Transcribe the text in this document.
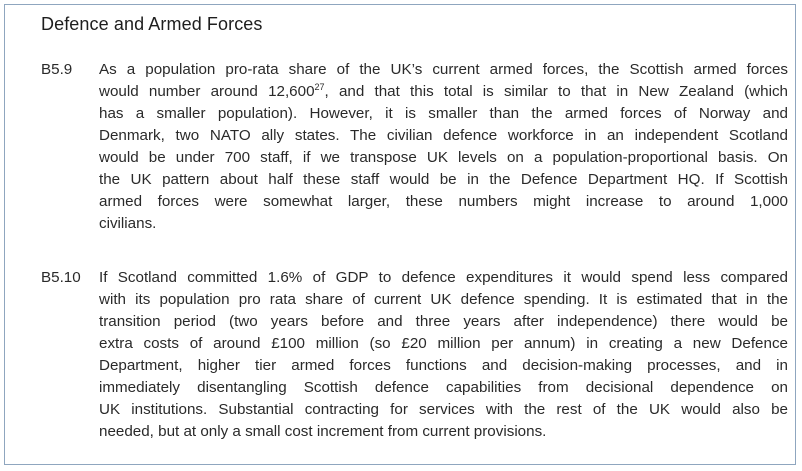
Defence and Armed Forces
B5.9 As a population pro-rata share of the UK’s current armed forces, the Scottish armed forces
would number around 12,600$^{27}$, and that this total is similar to that in New Zealand (which
has a smaller population). However, it is smaller than the armed forces of Norway and
Denmark, two NATO ally states. The civilian defence workforce in an independent Scotland
would be under 700 staff, if we transpose UK levels on a population-proportional basis. On
the UK pattern about half these staff would be in the Defence Department HQ. If Scottish
armed forces were somewhat larger, these numbers might increase to around 1,000
civilians.
B5.10 If Scotland committed 1.6% of GDP to defence expenditures it would spend less compared
with its population pro rata share of current UK defence spending. It is estimated that in the
transition period (two years before and three years after independence) there would be
extra costs of around £100 million (so £20 million per annum) in creating a new Defence
Department, higher tier armed forces functions and decision-making processes, and in
immediately disentangling Scottish defence capabilities from decisional dependence on
UK institutions. Substantial contracting for services with the rest of the UK would also be
needed, but at only a small cost increment from current provisions.
